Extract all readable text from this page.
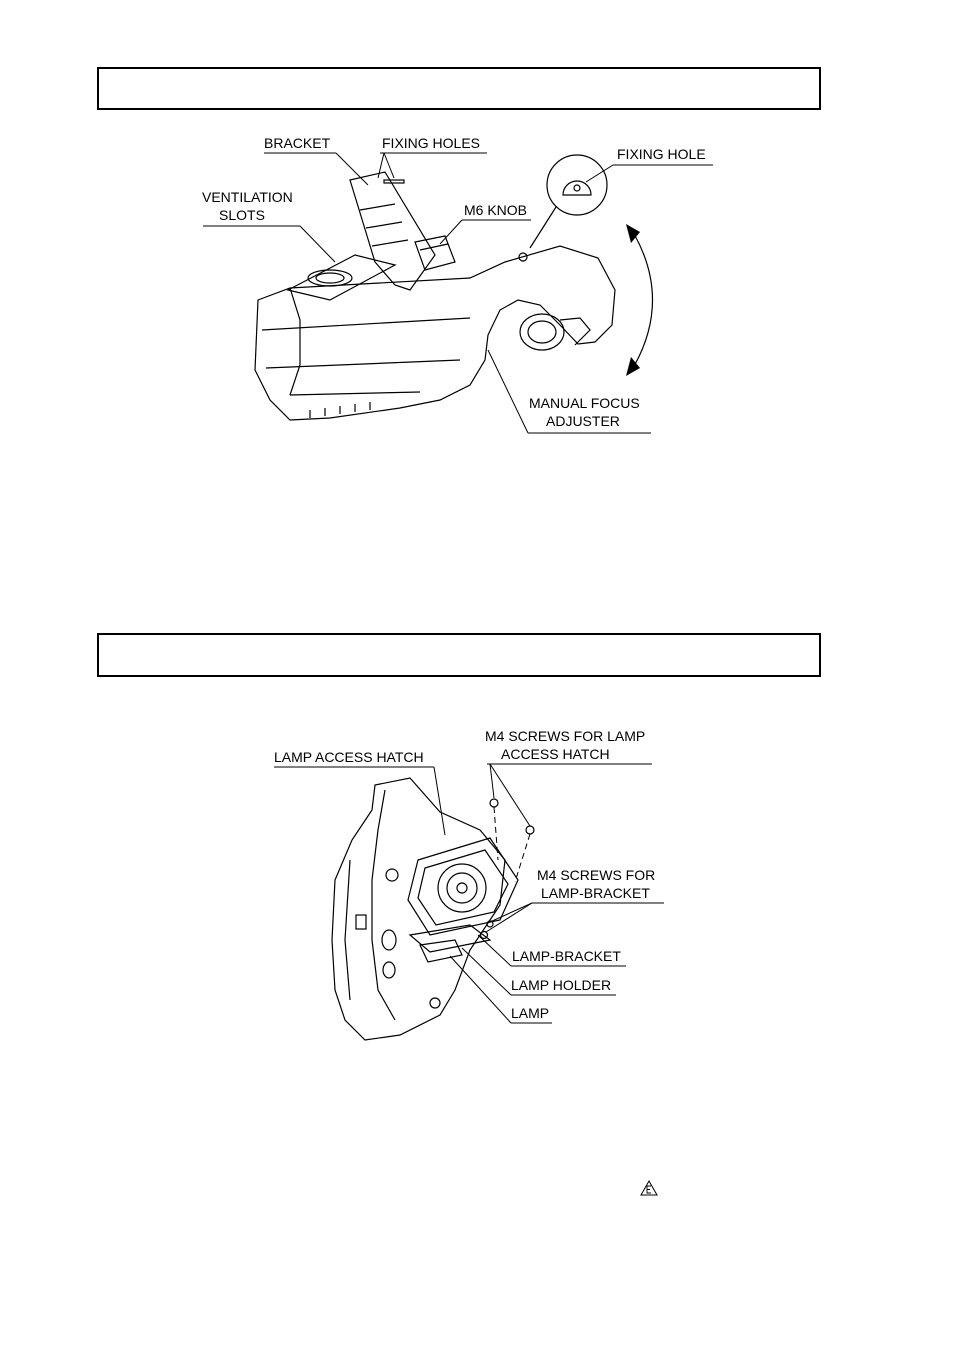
BRACKET	FIXING HOLES
VENTILATION
SLOTS	M6 KNOB
FIXING HOLE
MANUAL FOCUS
ADJUSTER
LAMP ACCESS HATCH
M4 SCREWS FOR LAMP
ACCESS HATCH
M4 SCREWS FOR
LAMP-BRACKET
LAMP-BRACKET
LAMP HOLDER
LAMP
